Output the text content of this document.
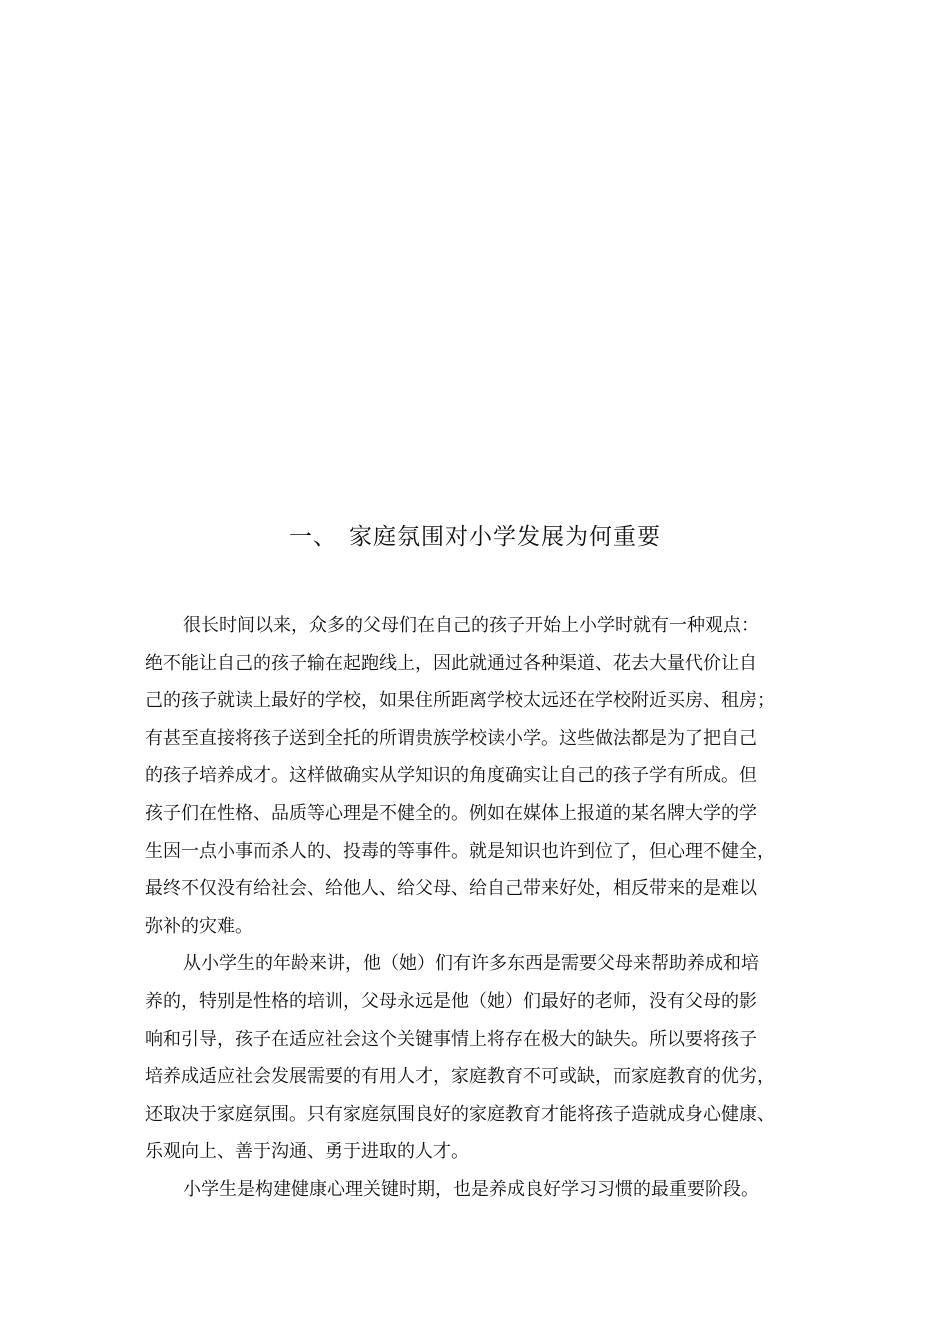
一、 家庭氛围对小学发展为何重要
很长时间以来，众多的父母们在自己的孩子开始上小学时就有一种观点：
绝不能让自己的孩子输在起跑线上，因此就通过各种渠道、花去大量代价让自
己的孩子就读上最好的学校，如果住所距离学校太远还在学校附近买房、租房；
有甚至直接将孩子送到全托的所谓贵族学校读小学。这些做法都是为了把自己
的孩子培养成才。这样做确实从学知识的角度确实让自己的孩子学有所成。但
孩子们在性格、品质等心理是不健全的。例如在媒体上报道的某名牌大学的学
生因一点小事而杀人的、投毒的等事件。就是知识也许到位了，但心理不健全，
最终不仅没有给社会、给他人、给父母、给自己带来好处，相反带来的是难以
弥补的灾难。
从小学生的年龄来讲，他（她）们有许多东西是需要父母来帮助养成和培
养的，特别是性格的培训，父母永远是他（她）们最好的老师，没有父母的影
响和引导，孩子在适应社会这个关键事情上将存在极大的缺失。所以要将孩子
培养成适应社会发展需要的有用人才，家庭教育不可或缺，而家庭教育的优劣，
还取决于家庭氛围。只有家庭氛围良好的家庭教育才能将孩子造就成身心健康、
乐观向上、善于沟通、勇于进取的人才。
小学生是构建健康心理关键时期，也是养成良好学习习惯的最重要阶段。
